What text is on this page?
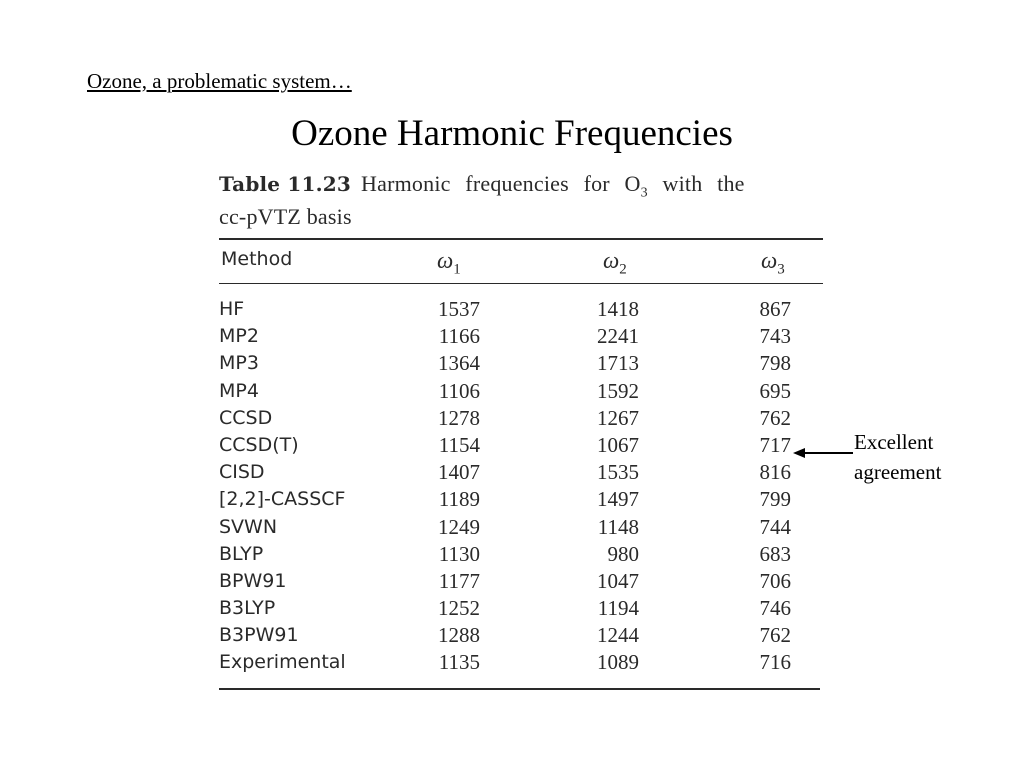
Ozone, a problematic system…
Ozone Harmonic Frequencies
Table 11.23 Harmonic frequencies for $O_3$ with the
cc-pVTZ basis
Method	$\omega_1$	$\omega_2$	$\omega_3$
HF	1537	1418	867
MP2	1166	2241	743
MP3	1364	1713	798
MP4	1106	1592	695
CCSD	1278	1267	762
CCSD(T)	1154	1067	717
CISD	1407	1535	816
[2,2]-CASSCF	1189	1497	799
SVWN	1249	1148	744
BLYP	1130	980	683
BPW91	1177	1047	706
B3LYP	1252	1194	746
B3PW91	1288	1244	762
Experimental	1135	1089	716
Excellent
agreement
